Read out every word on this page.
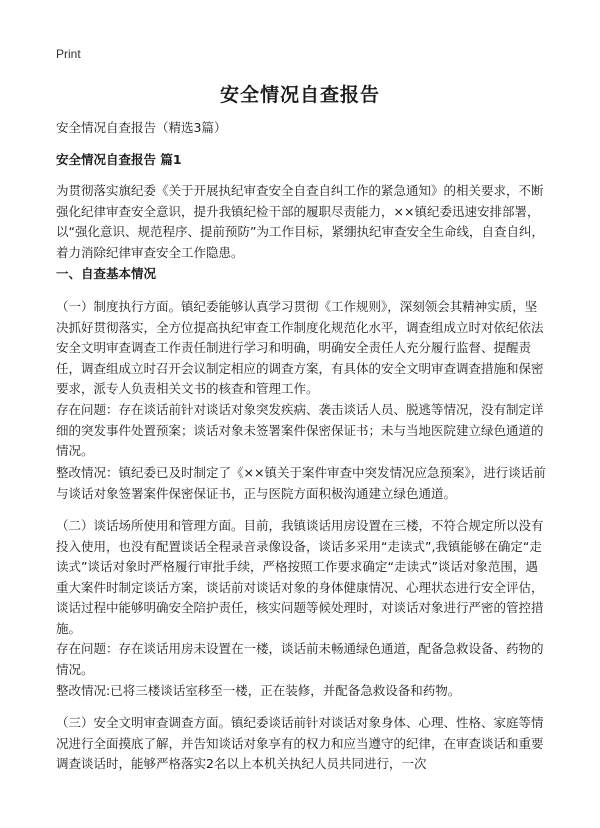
Print
安全情况自查报告
安全情况自查报告（精选3篇）
安全情况自查报告 篇1
为贯彻落实旗纪委《关于开展执纪审查安全自查自纠工作的紧急通知》的相关要求，不断强化纪律审查安全意识，提升我镇纪检干部的履职尽责能力，××镇纪委迅速安排部署，以“强化意识、规范程序、提前预防”为工作目标，紧绷执纪审查安全生命线，自查自纠，着力消除纪律审查安全工作隐患。
一、自查基本情况
（一）制度执行方面。镇纪委能够认真学习贯彻《工作规则》，深刻领会其精神实质，坚决抓好贯彻落实，全方位提高执纪审查工作制度化规范化水平，调查组成立时对依纪依法安全文明审查调查工作责任制进行学习和明确，明确安全责任人充分履行监督、提醒责任，调查组成立时召开会议制定相应的调查方案，有具体的安全文明审查调查措施和保密要求，派专人负责相关文书的核查和管理工作。
存在问题：存在谈话前针对谈话对象突发疾病、袭击谈话人员、脱逃等情况，没有制定详细的突发事件处置预案；谈话对象未签署案件保密保证书；未与当地医院建立绿色通道的情况。
整改情况：镇纪委已及时制定了《××镇关于案件审查中突发情况应急预案》，进行谈话前与谈话对象签署案件保密保证书，正与医院方面积极沟通建立绿色通道。
（二）谈话场所使用和管理方面。目前，我镇谈话用房设置在三楼，不符合规定所以没有投入使用，也没有配置谈话全程录音录像设备，谈话多采用“走读式”,我镇能够在确定“走读式”谈话对象时严格履行审批手续，严格按照工作要求确定“走读式”谈话对象范围，遇重大案件时制定谈话方案，谈话前对谈话对象的身体健康情况、心理状态进行安全评估，谈话过程中能够明确安全陪护责任，核实问题等候处理时，对谈话对象进行严密的管控措施。
存在问题：存在谈话用房未设置在一楼，谈话前未畅通绿色通道，配备急救设备、药物的情况。
整改情况:已将三楼谈话室移至一楼，正在装修，并配备急救设备和药物。
（三）安全文明审查调查方面。镇纪委谈话前针对谈话对象身体、心理、性格、家庭等情况进行全面摸底了解，并告知谈话对象享有的权力和应当遵守的纪律，在审查谈话和重要调查谈话时，能够严格落实2名以上本机关执纪人员共同进行，一次
